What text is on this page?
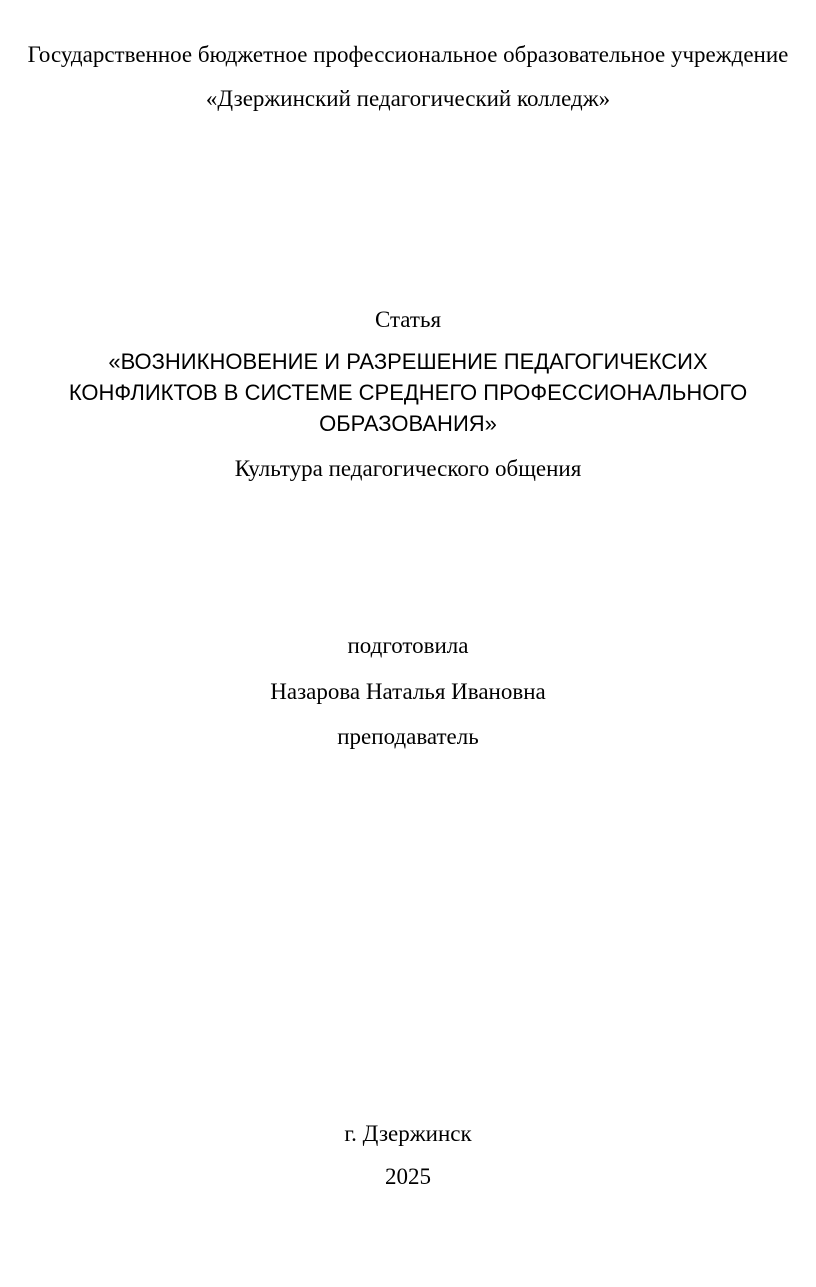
Государственное бюджетное профессиональное образовательное учреждение
«Дзержинский педагогический колледж»
Статья
«ВОЗНИКНОВЕНИЕ И РАЗРЕШЕНИЕ ПЕДАГОГИЧЕКСИХ
КОНФЛИКТОВ В СИСТЕМЕ СРЕДНЕГО ПРОФЕССИОНАЛЬНОГО
ОБРАЗОВАНИЯ»
Культура педагогического общения
подготовила
Назарова Наталья Ивановна
преподаватель
г. Дзержинск
2025
